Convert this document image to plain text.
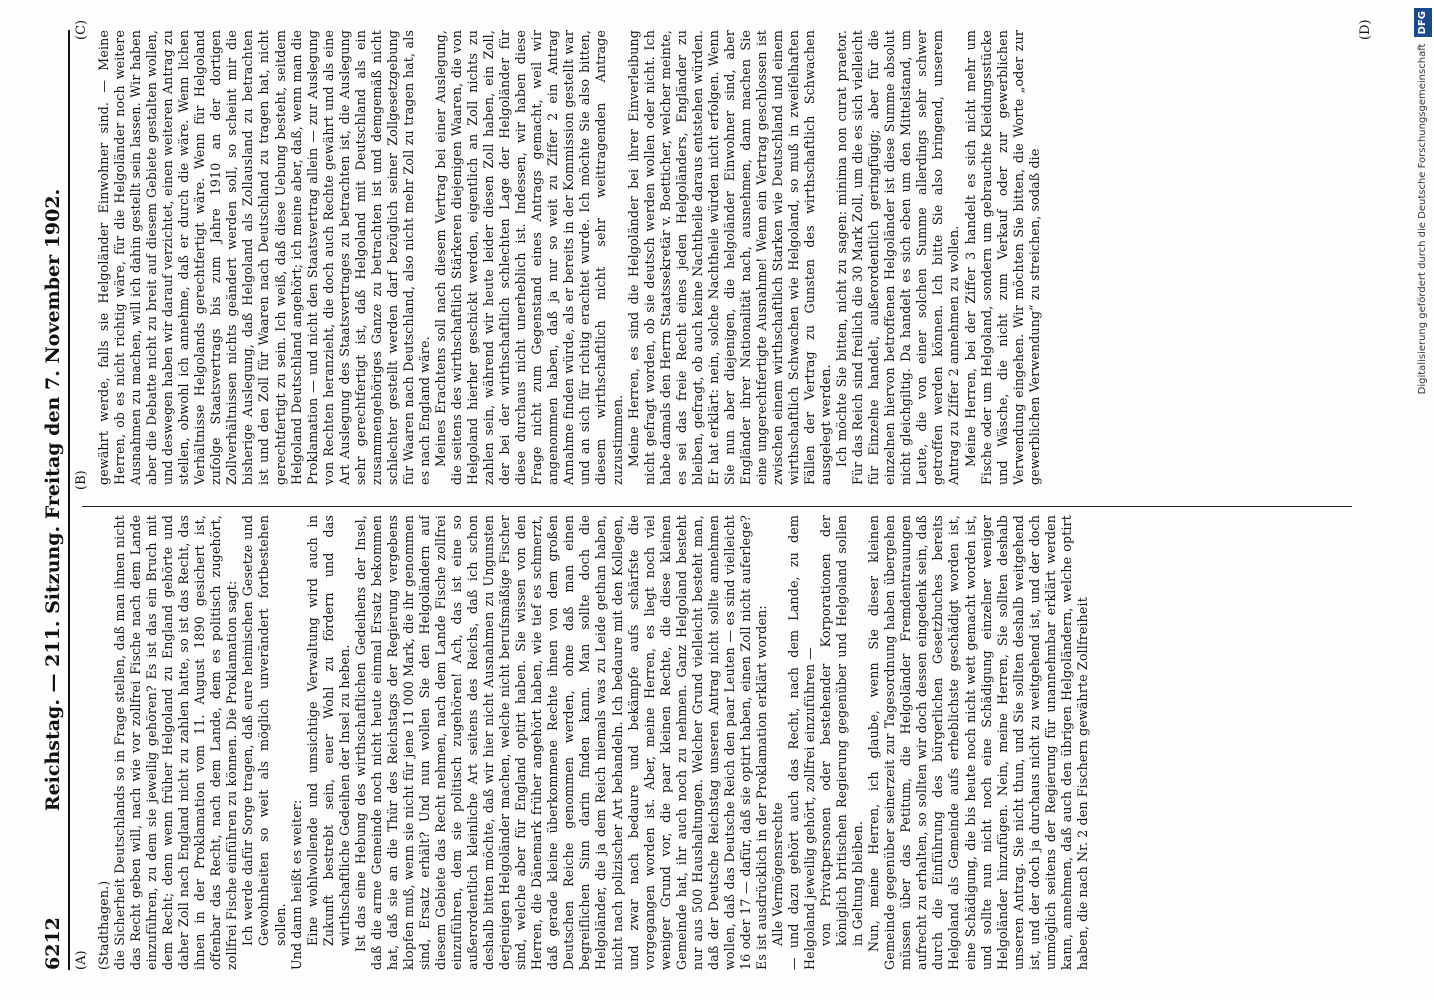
6212
Reichstag. — 211. Sitzung. Freitag den 7. November 1902.

(Stadthagen.) die Sicherheit Deutschlands so in Frage stellen, daß man ihnen nicht das Recht geben will, nach wie vor zollfrei Fische nach dem Lande einzuführen, zu dem sie jeweilig gehören? Es ist das ein Bruch mit dem Recht; denn wenn früher Helgoland zu England gehörte und daher Zoll nach England nicht zu zahlen hatte, so ist das Recht, das ihnen in der Proklamation vom 11. August 1890 gesichert ist, offenbar das Recht, nach dem Lande, dem es politisch zugehört, zollfrei Fische einführen zu können. Die Proklamation sagt: Ich werde dafür Sorge tragen, daß eure heimischen Gesetze und Gewohnheiten so weit als möglich unverändert fortbestehen sollen. Und dann heißt es weiter: Eine wohlwollende und umsichtige Verwaltung wird auch in Zukunft bestrebt sein, euer Wohl zu fördern und das wirthschaftliche Gedeihen der Insel zu heben. Ist das eine Hebung des wirthschaftlichen Gedeihens der Insel, daß die arme Gemeinde noch nicht heute einmal Ersatz bekommen hat, daß sie an die Thür des Reichstags der Regierung vergebens klopfen muß, wenn sie nicht für jene 11 000 Mark, die ihr genommen sind, Ersatz erhält? Und nun wollen Sie den Helgoländern auf diesem Gebiete das Recht nehmen, nach dem Lande Fische zollfrei einzuführen, dem sie politisch zugehören! Ach, das ist eine so außerordentlich kleinliche Art seitens des Reichs, daß ich schon deshalb bitten möchte, daß wir hier nicht Ausnahmen zu Ungunsten derjenigen Helgoländer machen, welche nicht berufsmäßige Fischer sind, welche aber für England optirt haben. Sie wissen von den Herren, die Dänemark früher angehört haben, wie tief es schmerzt, daß gerade kleine überkommene Rechte ihnen von dem großen Deutschen Reiche genommen werden, ohne daß man einen begreiflichen Sinn darin finden kann. Man sollte doch die Helgoländer, die ja dem Reich niemals was zu Leide gethan haben, nicht nach polizischer Art behandeln. Ich bedaure mit den Kollegen, und zwar nach bedaure und bekämpfe aufs schärfste die vorgegangen worden ist. Aber, meine Herren, es liegt noch viel weniger Grund vor, die paar kleinen Rechte, die diese kleinen Gemeinde hat, ihr auch noch zu nehmen. Ganz Helgoland besteht nur aus 500 Haushaltungen. Welcher Grund vielleicht besteht man, daß der Deutsche Reichstag unseren Antrag nicht sollte annehmen wollen, daß das Deutsche Reich den paar Leuten — es sind vielleicht 16 oder 17 — dafür, daß sie optirt haben, einen Zoll nicht auferlege? Es ist ausdrücklich in der Proklamation erklärt worden: Alle Vermögensrechte — und dazu gehört auch das Recht, nach dem Lande, zu dem Helgoland jeweilig gehört, zollfrei einzuführen — von Privatpersonen oder bestehender Korporationen der königlich britischen Regierung gegenüber und Helgoland sollen in Geltung bleiben. Nun, meine Herren, ich glaube, wenn Sie dieser kleinen Gemeinde gegenüber seinerzeit zur Tagesordnung haben übergehen müssen über das Petitum, die Helgoländer Fremdentrauungen aufrecht zu erhalten, so sollten wir doch dessen eingedenk sein, daß durch die Einführung des bürgerlichen Gesetzbuches bereits Helgoland als Gemeinde aufs erheblichste geschädigt worden ist, eine Schädigung, die bis heute noch nicht wett gemacht worden ist, und sollte nun nicht noch eine Schädigung einzelner weniger Helgoländer hinzufügen. Nein, meine Herren, Sie sollten deshalb unseren Antrag. Sie nicht thun, und Sie sollten deshalb weitgehend ist, und der doch ja durchaus nicht zu weitgehend ist, und der doch unmöglich seitens der Regierung für unannehmbar erklärt werden kann, annehmen, daß auch den übrigen Helgoländern, welche optirt haben, die nach Nr. 2 den Fischern gewährte Zollfreiheit

gewährt werde, falls sie Helgoländer Einwohner sind. — Meine Herren, ob es nicht richtig wäre, für die Helgoländer noch weitere Ausnahmen zu machen, will ich dahin gestellt sein lassen. Wir haben aber die Debatte nicht zu breit auf diesem Gebiete gestalten wollen, und deswegen haben wir darauf verzichtet, einen weiteren Antrag zu stellen, obwohl ich annehme, daß er durch die wäre. Wenn lichen Verhältnisse Helgolands gerechtfertigt wäre. Wenn für Helgoland zufolge Staatsvertrags bis zum Jahre 1910 an der dortigen Zollverhältnissen nichts geändert werden soll, so scheint mir die bisherige Auslegung, daß Helgoland als Zollausland zu betrachten ist und den Zoll für Waaren nach Deutschland zu tragen hat, nicht gerechtfertigt zu sein. Ich weiß, daß diese Uebung besteht, seitdem Helgoland Deutschland angehört; ich meine aber, daß, wenn man die Proklamation — und nicht den Staatsvertrag allein — zur Auslegung von Rechten heranzieht, die doch auch Rechte gewährt und als eine Art Auslegung des Staatsvertrages zu betrachten ist, die Auslegung sehr gerechtfertigt ist, daß Helgoland mit Deutschland als ein zusammengehöriges Ganze zu betrachten ist und demgemäß nicht schlechter gestellt werden darf bezüglich seiner Zollgesetzgebung für Waaren nach Deutschland, also nicht mehr Zoll zu tragen hat, als es nach England wäre. Meines Erachtens soll nach diesem Vertrag bei einer Auslegung, die seitens des wirthschaftlich Stärkeren diejenigen Waaren, die von Helgoland hierher geschickt werden, eigentlich an Zoll nichts zu zahlen sein, während wir heute leider diesen Zoll haben, ein Zoll, der bei der wirthschaftlich schlechten Lage der Helgoländer für diese durchaus nicht unerheblich ist. Indessen, wir haben diese Frage nicht zum Gegenstand eines Antrags gemacht, weil wir angenommen haben, daß ja nur so weit zu Ziffer 2 ein Antrag Annahme finden würde, als er bereits in der Kommission gestellt war und an sich für richtig erachtet wurde. Ich möchte Sie also bitten, diesem wirthschaftlich nicht sehr weittragenden Antrage zuzustimmen. Meine Herren, es sind die Helgoländer bei ihrer Einverleibung nicht gefragt worden, ob sie deutsch werden wollen oder nicht. Ich habe damals den Herrn Staatssekretär v. Boetticher, welcher meinte, es sei das freie Recht eines jeden Helgoländers, Engländer zu bleiben, gefragt, ob auch keine Nachtheile daraus entstehen würden. Er hat erklärt: nein, solche Nachtheile würden nicht erfolgen. Wenn Sie nun aber diejenigen, die helgoländer Einwohner sind, aber Engländer ihrer Nationalität nach, ausnehmen, dann machen Sie eine ungerechtfertigte Ausnahme! Wenn ein Vertrag geschlossen ist zwischen einem wirthschaftlich Starken wie Deutschland und einem wirthschaftlich Schwachen wie Helgoland, so muß in zweifelhaften Fällen der Vertrag zu Gunsten des wirthschaftlich Schwachen ausgelegt werden. Ich möchte Sie bitten, nicht zu sagen: minima non curat praetor. Für das Reich sind freilich die 30 Mark Zoll, um die es sich vielleicht für Einzelne handelt, außerordentlich geringfügig; aber für die einzelnen hiervon betroffenen Helgoländer ist diese Summe absolut nicht gleichgiltig. Da handelt es sich eben um den Mittelstand, um Leute, die von einer solchen Summe allerdings sehr schwer getroffen werden können. Ich bitte Sie also bringend, unserem Antrag zu Ziffer 2 annehmen zu wollen. Meine Herren, bei der Ziffer 3 handelt es sich nicht mehr um Fische oder um Helgoland, sondern um gebrauchte Kleidungsstücke und Wäsche, die nicht zum Verkauf oder zur gewerblichen Verwendung eingehen. Wir möchten Sie bitten, die Worte „oder zur gewerblichen Verwendung“ zu streichen, sodaß die

(A)
(B)
(C)	(D)
Digitalisierung gefördert durch die Deutsche Forschungsgemeinschaft DFG
